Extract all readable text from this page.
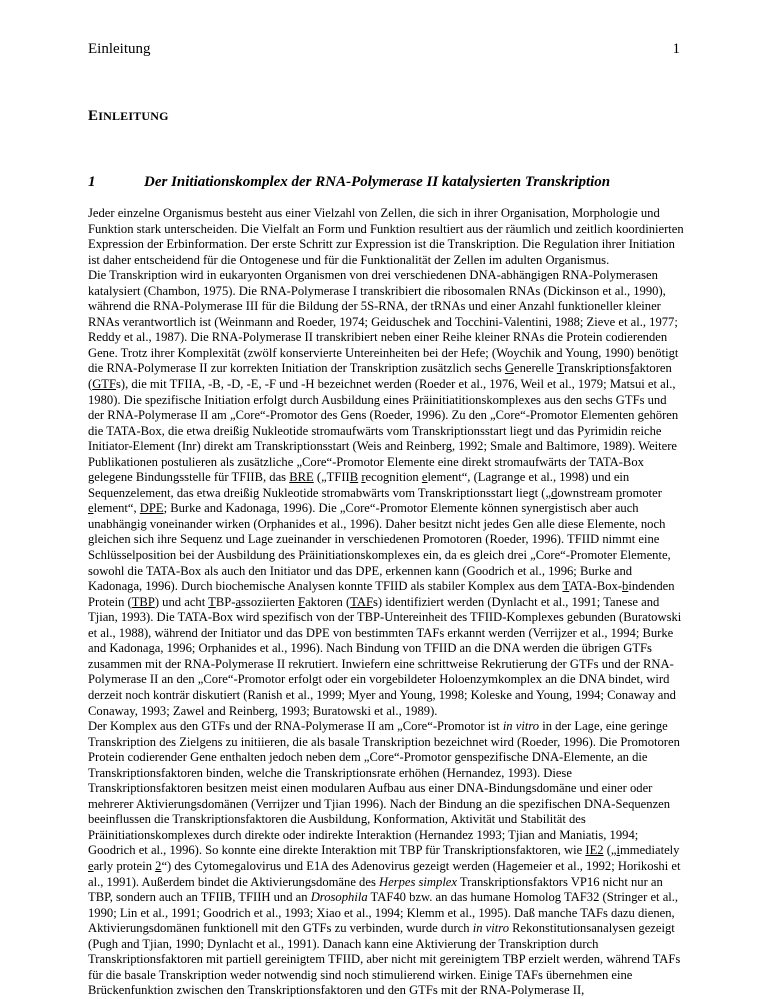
Einleitung	1
EINLEITUNG
1	Der Initiationskomplex der RNA-Polymerase II katalysierten Transkription

Jeder einzelne Organismus besteht aus einer Vielzahl von Zellen, die sich in ihrer Organisation, Morphologie und Funktion stark unterscheiden. Die Vielfalt an Form und Funktion resultiert aus der räumlich und zeitlich koordinierten Expression der Erbinformation. Der erste Schritt zur Expression ist die Transkription. Die Regulation ihrer Initiation ist daher entscheidend für die Ontogenese und für die Funktionalität der Zellen im adulten Organismus.

Die Transkription wird in eukaryonten Organismen von drei verschiedenen DNA-abhängigen RNA-Polymerasen katalysiert (Chambon, 1975). Die RNA-Polymerase I transkribiert die ribosomalen RNAs (Dickinson et al., 1990), während die RNA-Polymerase III für die Bildung der 5S-RNA, der tRNAs und einer Anzahl funktioneller kleiner RNAs verantwortlich ist (Weinmann and Roeder, 1974; Geiduschek and Tocchini-Valentini, 1988; Zieve et al., 1977; Reddy et al., 1987). Die RNA-Polymerase II transkribiert neben einer Reihe kleiner RNAs die Protein codierenden Gene. Trotz ihrer Komplexität (zwölf konservierte Untereinheiten bei der Hefe; (Woychik and Young, 1990) benötigt die RNA-Polymerase II zur korrekten Initiation der Transkription zusätzlich sechs Generelle Transkriptionsfaktoren (GTFs), die mit TFIIA, -B, -D, -E, -F und -H bezeichnet werden (Roeder et al., 1976, Weil et al., 1979; Matsui et al., 1980). Die spezifische Initiation erfolgt durch Ausbildung eines Präinitiatitionskomplexes aus den sechs GTFs und der RNA-Polymerase II am „Core“-Promotor des Gens (Roeder, 1996). Zu den „Core“-Promotor Elementen gehören die TATA-Box, die etwa dreißig Nukleotide stromaufwärts vom Transkriptionsstart liegt und das Pyrimidin reiche Initiator-Element (Inr) direkt am Transkriptionsstart (Weis and Reinberg, 1992; Smale and Baltimore, 1989). Weitere Publikationen postulieren als zusätzliche „Core“-Promotor Elemente eine direkt stromaufwärts der TATA-Box gelegene Bindungsstelle für TFIIB, das BRE („TFIIB recognition element“, (Lagrange et al., 1998) und ein Sequenzelement, das etwa dreißig Nukleotide stromabwärts vom Transkriptionsstart liegt („downstream promoter element“, DPE; Burke and Kadonaga, 1996). Die „Core“-Promotor Elemente können synergistisch aber auch unabhängig voneinander wirken (Orphanides et al., 1996). Daher besitzt nicht jedes Gen alle diese Elemente, noch gleichen sich ihre Sequenz und Lage zueinander in verschiedenen Promotoren (Roeder, 1996). TFIID nimmt eine Schlüsselposition bei der Ausbildung des Präinitiationskomplexes ein, da es gleich drei „Core“-Promoter Elemente, sowohl die TATA-Box als auch den Initiator und das DPE, erkennen kann (Goodrich et al., 1996; Burke and Kadonaga, 1996). Durch biochemische Analysen konnte TFIID als stabiler Komplex aus dem TATA-Box-bindenden Protein (TBP) und acht TBP-assoziierten Faktoren (TAFs) identifiziert werden (Dynlacht et al., 1991; Tanese and Tjian, 1993). Die TATA-Box wird spezifisch von der TBP-Untereinheit des TFIID-Komplexes gebunden (Buratowski et al., 1988), während der Initiator und das DPE von bestimmten TAFs erkannt werden (Verrijzer et al., 1994; Burke and Kadonaga, 1996; Orphanides et al., 1996). Nach Bindung von TFIID an die DNA werden die übrigen GTFs zusammen mit der RNA-Polymerase II rekrutiert. Inwiefern eine schrittweise Rekrutierung der GTFs und der RNA-Polymerase II an den „Core“-Promotor erfolgt oder ein vorgebildeter Holoenzymkomplex an die DNA bindet, wird derzeit noch konträr diskutiert (Ranish et al., 1999; Myer and Young, 1998; Koleske and Young, 1994; Conaway and Conaway, 1993; Zawel and Reinberg, 1993; Buratowski et al., 1989).

Der Komplex aus den GTFs und der RNA-Polymerase II am „Core“-Promotor ist in vitro in der Lage, eine geringe Transkription des Zielgens zu initiieren, die als basale Transkription bezeichnet wird (Roeder, 1996). Die Promotoren Protein codierender Gene enthalten jedoch neben dem „Core“-Promotor genspezifische DNA-Elemente, an die Transkriptionsfaktoren binden, welche die Transkriptionsrate erhöhen (Hernandez, 1993). Diese Transkriptionsfaktoren besitzen meist einen modularen Aufbau aus einer DNA-Bindungsdomäne und einer oder mehrerer Aktivierungsdomänen (Verrijzer und Tjian 1996). Nach der Bindung an die spezifischen DNA-Sequenzen beeinflussen die Transkriptionsfaktoren die Ausbildung, Konformation, Aktivität und Stabilität des Präinitiationskomplexes durch direkte oder indirekte Interaktion (Hernandez 1993; Tjian and Maniatis, 1994; Goodrich et al., 1996). So konnte eine direkte Interaktion mit TBP für Transkriptionsfaktoren, wie IE2 („immediately early protein 2“) des Cytomegalovirus und E1A des Adenovirus gezeigt werden (Hagemeier et al., 1992; Horikoshi et al., 1991). Außerdem bindet die Aktivierungsdomäne des Herpes simplex Transkriptionsfaktors VP16 nicht nur an TBP, sondern auch an TFIIB, TFIIH und an Drosophila TAF40 bzw. an das humane Homolog TAF32 (Stringer et al., 1990; Lin et al., 1991; Goodrich et al., 1993; Xiao et al., 1994; Klemm et al., 1995). Daß manche TAFs dazu dienen, Aktivierungsdomänen funktionell mit den GTFs zu verbinden, wurde durch in vitro Rekonstitutionsanalysen gezeigt (Pugh and Tjian, 1990; Dynlacht et al., 1991). Danach kann eine Aktivierung der Transkription durch Transkriptionsfaktoren mit partiell gereinigtem TFIID, aber nicht mit gereinigtem TBP erzielt werden, während TAFs für die basale Transkription weder notwendig sind noch stimulierend wirken. Einige TAFs übernehmen eine Brückenfunktion zwischen den Transkriptionsfaktoren und den GTFs mit der RNA-Polymerase II,
